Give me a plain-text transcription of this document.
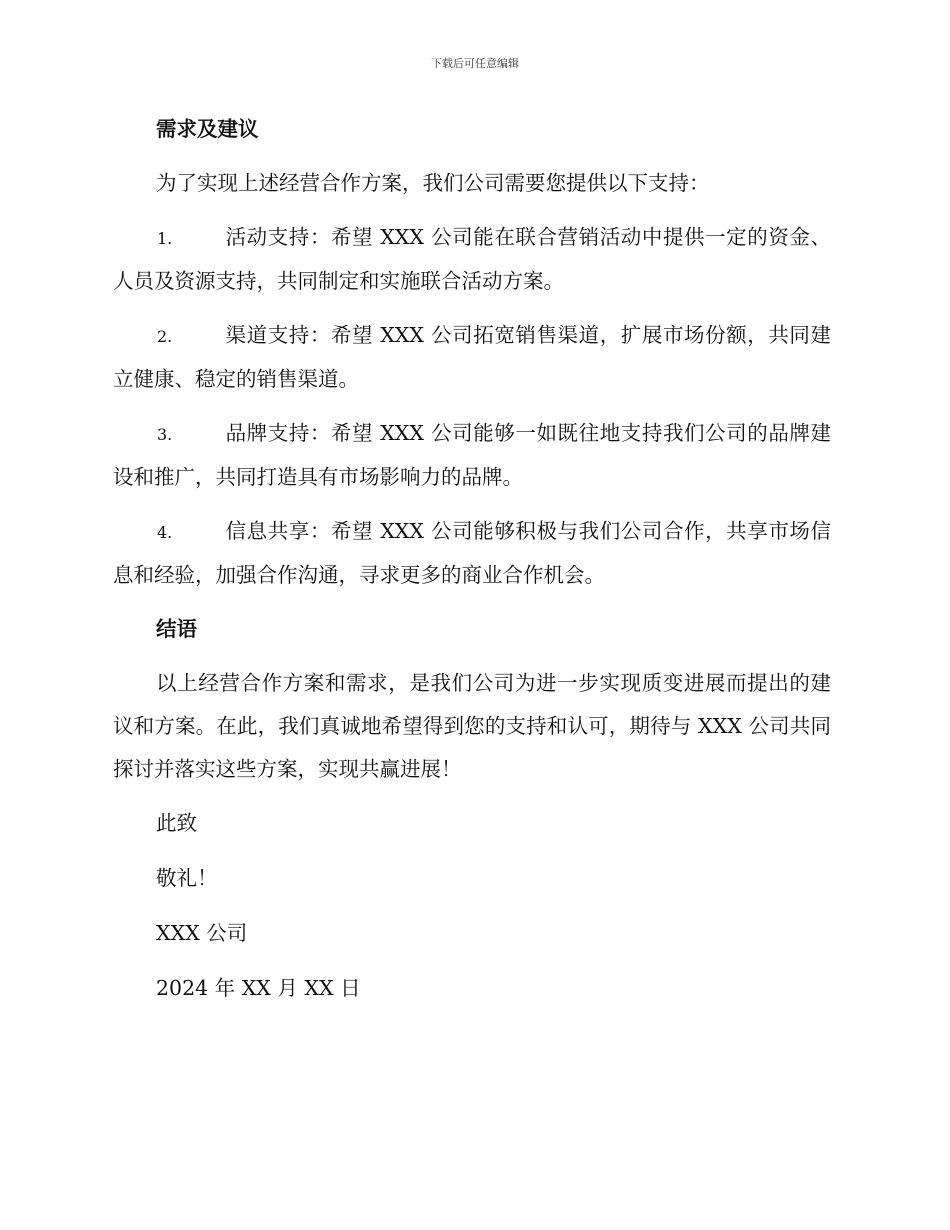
下载后可任意编辑
需求及建议
为了实现上述经营合作方案，我们公司需要您提供以下支持：
1.	活动支持：希望 XXX 公司能在联合营销活动中提供一定的资金、人员及资源支持，共同制定和实施联合活动方案。
2.	渠道支持：希望 XXX 公司拓宽销售渠道，扩展市场份额，共同建立健康、稳定的销售渠道。
3.	品牌支持：希望 XXX 公司能够一如既往地支持我们公司的品牌建设和推广，共同打造具有市场影响力的品牌。
4.	信息共享：希望 XXX 公司能够积极与我们公司合作，共享市场信息和经验，加强合作沟通，寻求更多的商业合作机会。
结语
以上经营合作方案和需求，是我们公司为进一步实现质变进展而提出的建议和方案。在此，我们真诚地希望得到您的支持和认可，期待与 XXX 公司共同探讨并落实这些方案，实现共赢进展！
此致
敬礼！
XXX 公司
2024 年 XX 月 XX 日
